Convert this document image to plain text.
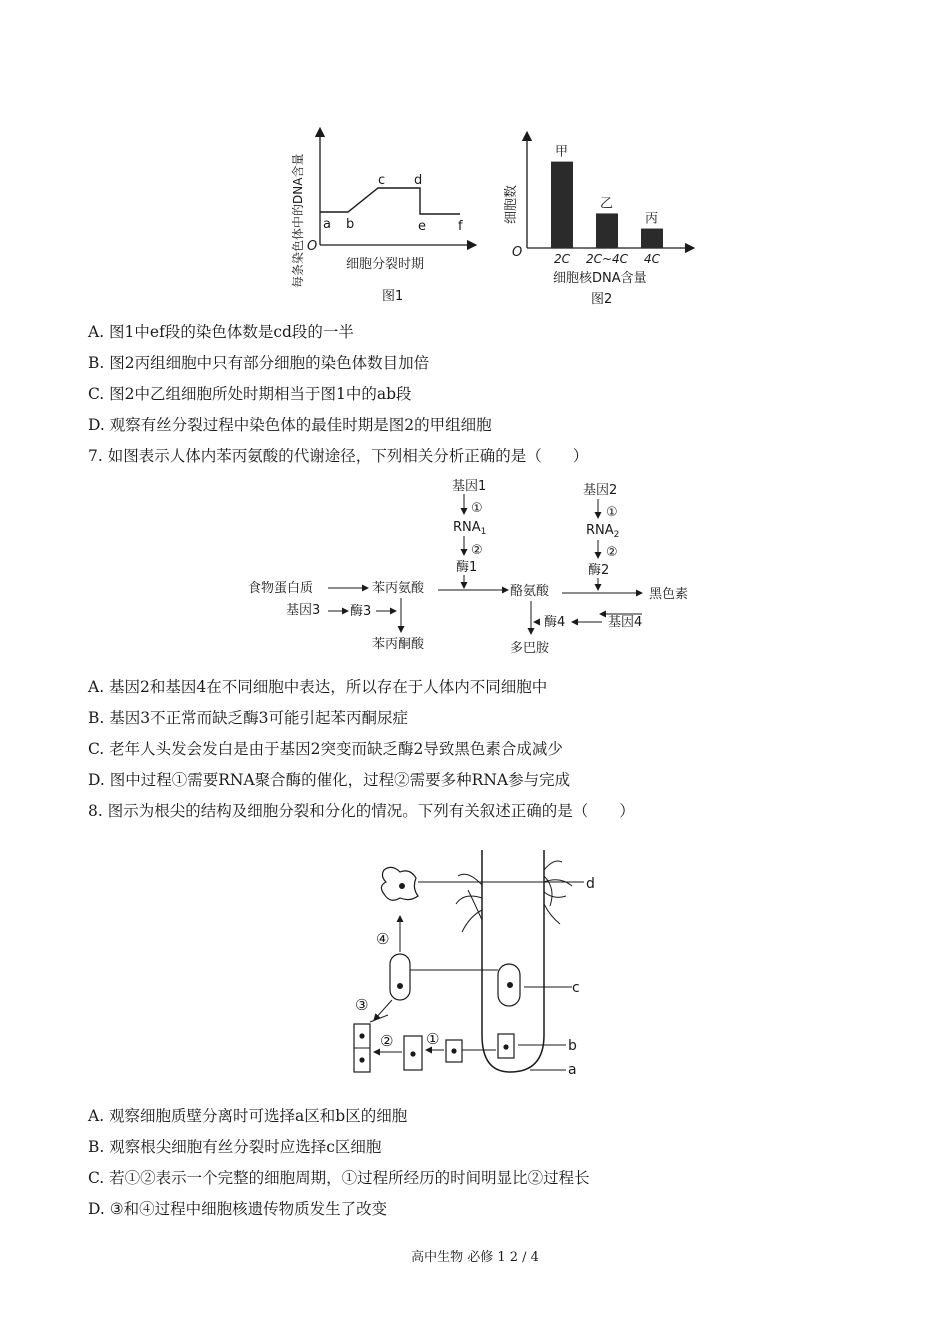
O
a b
c d
e f
细胞分裂时期
每条染色体中的DNA含量
图1
甲
2C
乙
2C~4C
丙
4C
O
细胞数
细胞核DNA含量
图2
A. 图1中ef段的染色体数是cd段的一半
B. 图2丙组细胞中只有部分细胞的染色体数目加倍
C. 图2中乙组细胞所处时期相当于图1中的ab段
D. 观察有丝分裂过程中染色体的最佳时期是图2的甲组细胞
7. 如图表示人体内苯丙氨酸的代谢途径，下列相关分析正确的是（　　）
基因1
①
$RNA_1$
②
酶1
基因2
①
$RNA_2$
②
酶2
食物蛋白质	苯丙氨酸	酪氨酸	黑色素
基因3 酶3
苯丙酮酸
基因4
酶4
多巴胺
A. 基因2和基因4在不同细胞中表达，所以存在于人体内不同细胞中
B. 基因3不正常而缺乏酶3可能引起苯丙酮尿症
C. 老年人头发会发白是由于基因2突变而缺乏酶2导致黑色素合成减少
D. 图中过程①需要RNA聚合酶的催化，过程②需要多种RNA参与完成
8. 图示为根尖的结构及细胞分裂和分化的情况。下列有关叙述正确的是（　　）
d
④
c
③
② ①	b
a
A. 观察细胞质壁分离时可选择a区和b区的细胞
B. 观察根尖细胞有丝分裂时应选择c区细胞
C. 若①②表示一个完整的细胞周期，①过程所经历的时间明显比②过程长
D. ③和④过程中细胞核遗传物质发生了改变
高中生物 必修 1 2 / 4
